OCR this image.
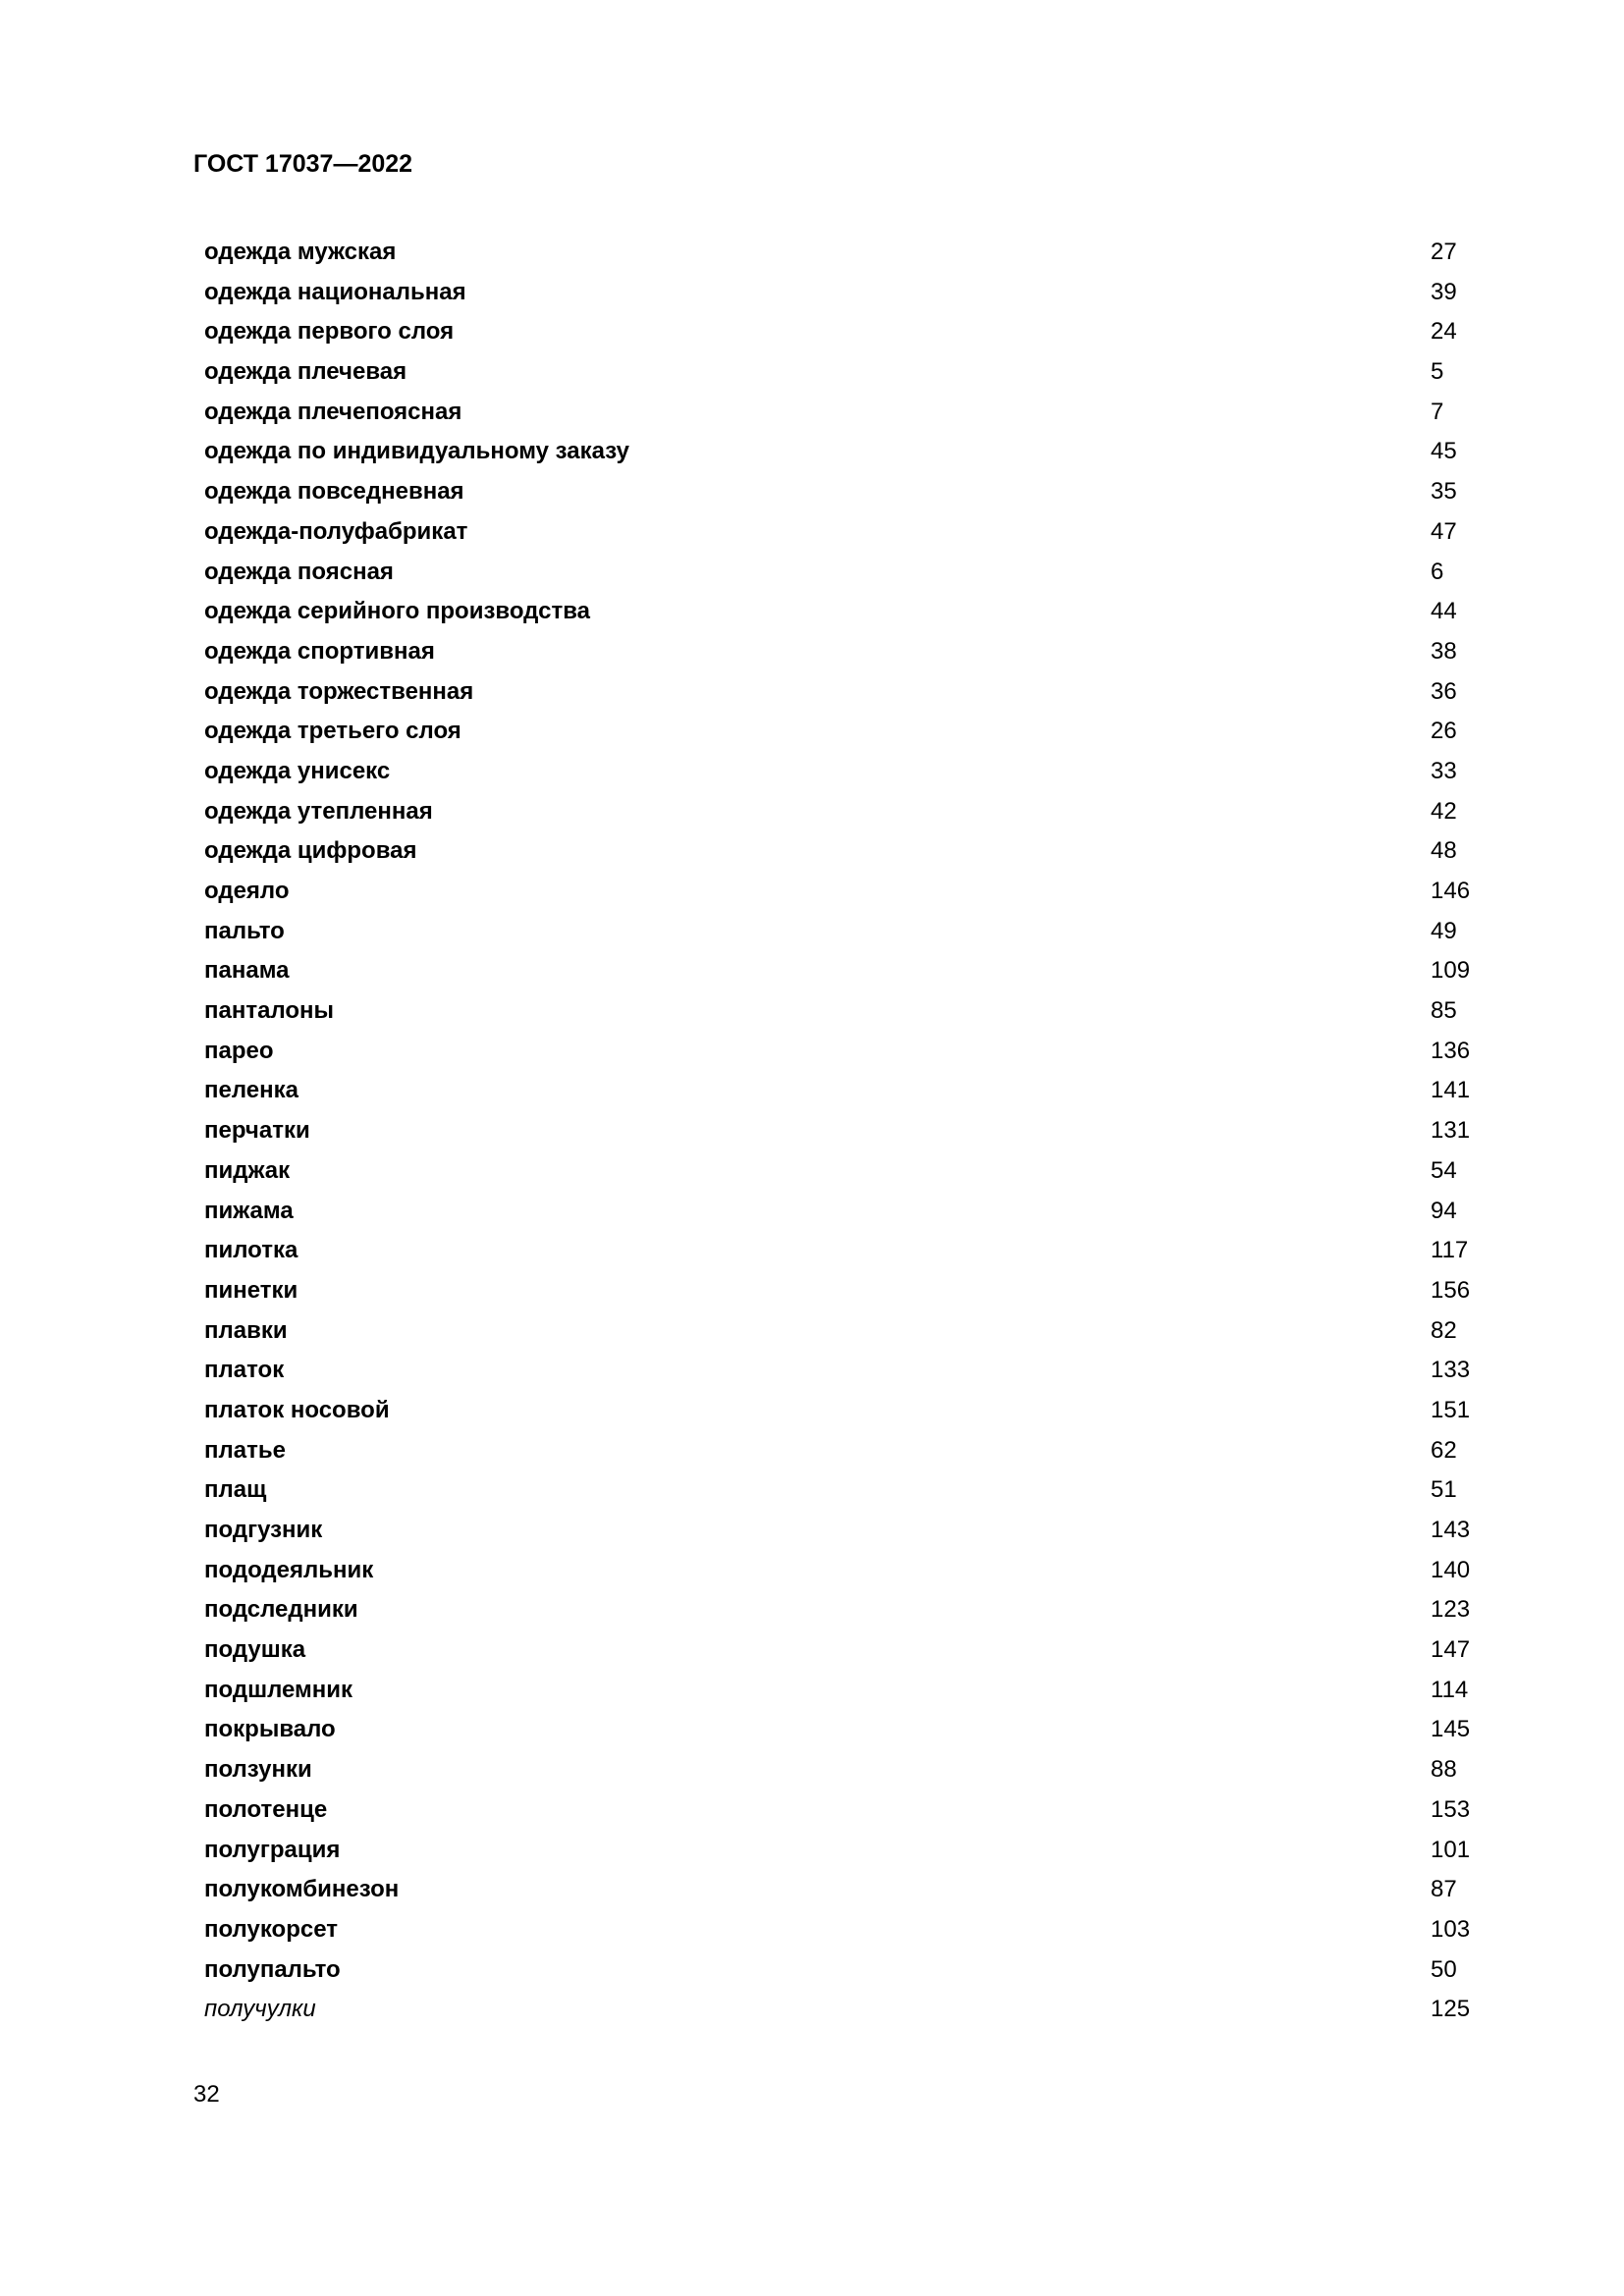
ГОСТ 17037—2022
одежда мужская	27
одежда национальная	39
одежда первого слоя	24
одежда плечевая	5
одежда плечепоясная	7
одежда по индивидуальному заказу	45
одежда повседневная	35
одежда-полуфабрикат	47
одежда поясная	6
одежда серийного производства	44
одежда спортивная	38
одежда торжественная	36
одежда третьего слоя	26
одежда унисекс	33
одежда утепленная	42
одежда цифровая	48
одеяло	146
пальто	49
панама	109
панталоны	85
парео	136
пеленка	141
перчатки	131
пиджак	54
пижама	94
пилотка	117
пинетки	156
плавки	82
платок	133
платок носовой	151
платье	62
плащ	51
подгузник	143
пододеяльник	140
подследники	123
подушка	147
подшлемник	114
покрывало	145
ползунки	88
полотенце	153
полуграция	101
полукомбинезон	87
полукорсет	103
полупальто	50
получулки	125
32
